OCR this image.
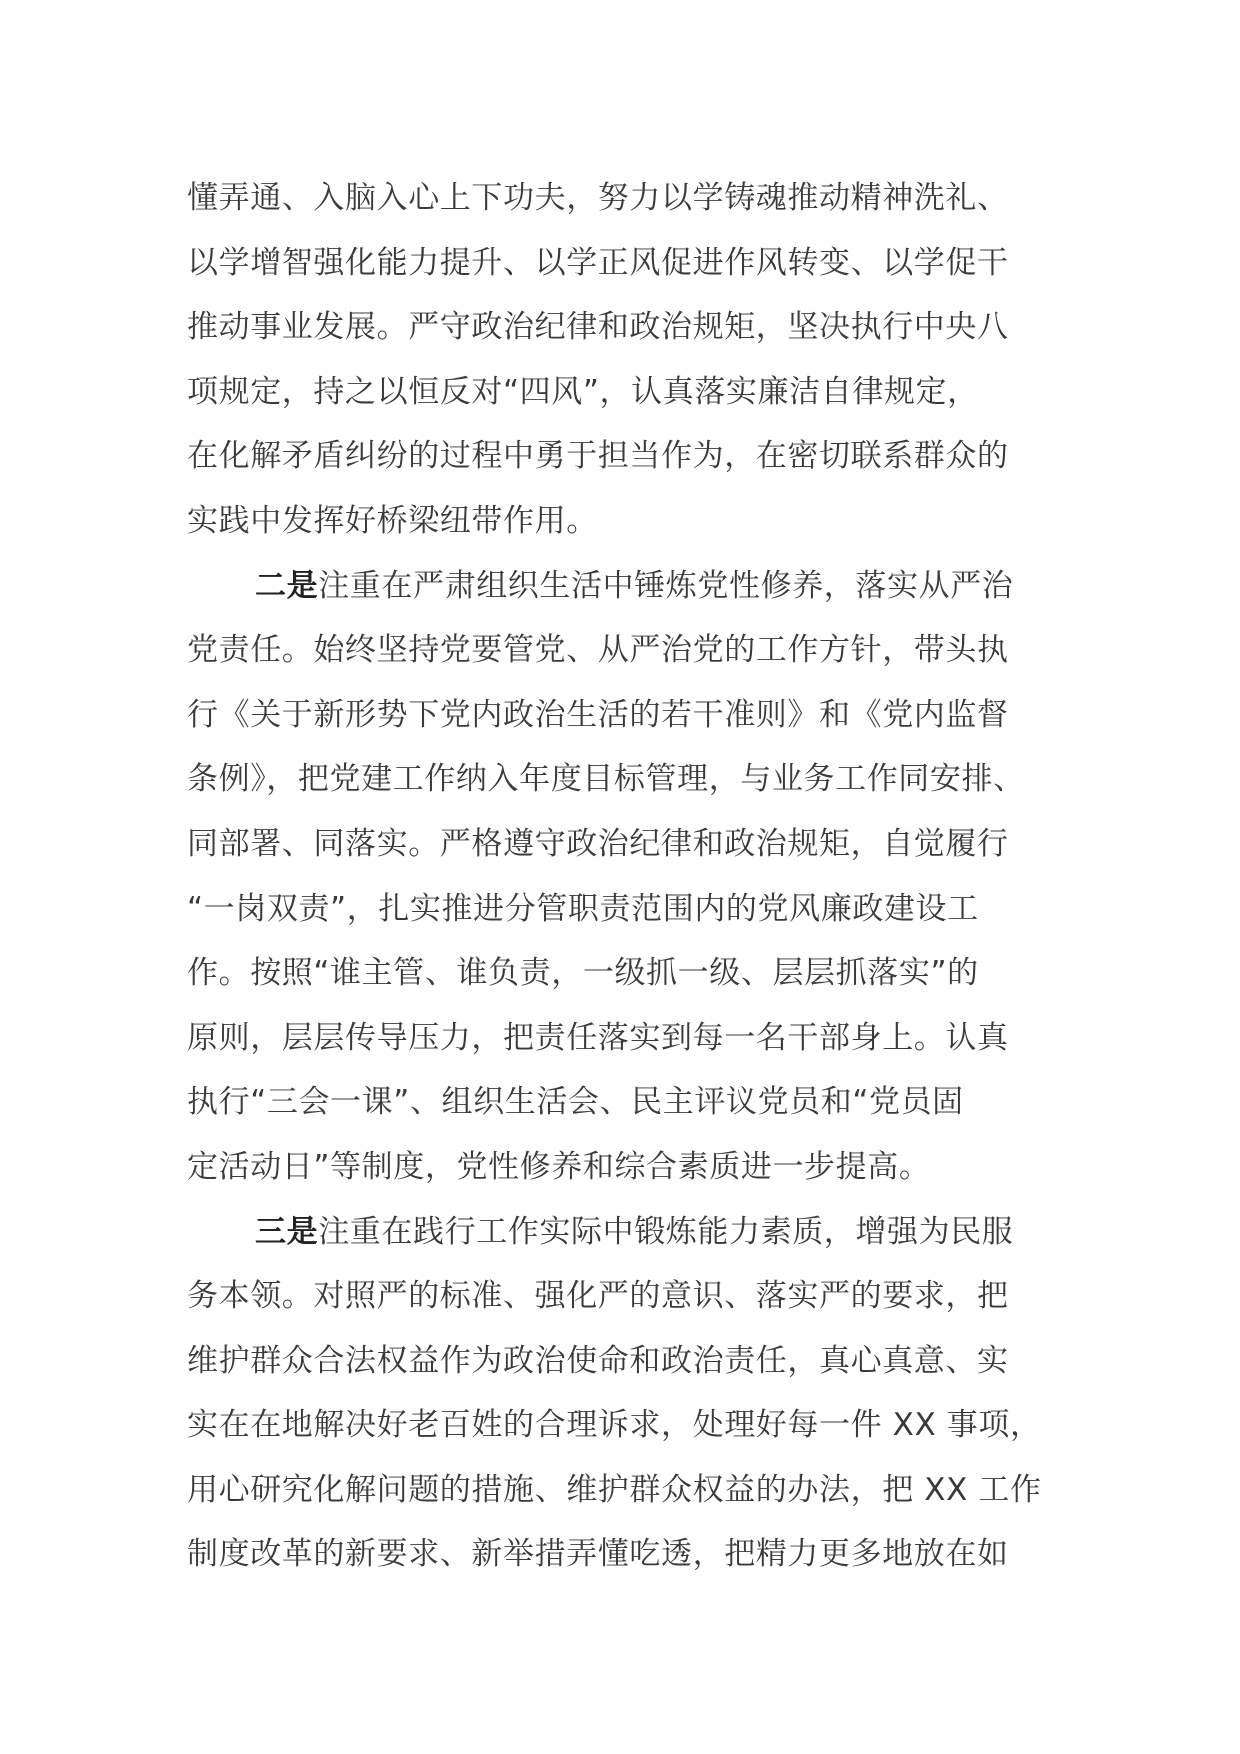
懂弄通、入脑入心上下功夫，努力以学铸魂推动精神洗礼、
以学增智强化能力提升、以学正风促进作风转变、以学促干
推动事业发展。严守政治纪律和政治规矩，坚决执行中央八
项规定，持之以恒反对“四风”，认真落实廉洁自律规定，
在化解矛盾纠纷的过程中勇于担当作为，在密切联系群众的
实践中发挥好桥梁纽带作用。
二是注重在严肃组织生活中锤炼党性修养，落实从严治
党责任。始终坚持党要管党、从严治党的工作方针，带头执
行《关于新形势下党内政治生活的若干准则》和《党内监督
条例》，把党建工作纳入年度目标管理，与业务工作同安排、
同部署、同落实。严格遵守政治纪律和政治规矩，自觉履行
“一岗双责”，扎实推进分管职责范围内的党风廉政建设工
作。按照“谁主管、谁负责，一级抓一级、层层抓落实”的
原则，层层传导压力，把责任落实到每一名干部身上。认真
执行“三会一课”、组织生活会、民主评议党员和“党员固
定活动日”等制度，党性修养和综合素质进一步提高。
三是注重在践行工作实际中锻炼能力素质，增强为民服
务本领。对照严的标准、强化严的意识、落实严的要求，把
维护群众合法权益作为政治使命和政治责任，真心真意、实
实在在地解决好老百姓的合理诉求，处理好每一件 XX 事项，
用心研究化解问题的措施、维护群众权益的办法，把 XX 工作
制度改革的新要求、新举措弄懂吃透，把精力更多地放在如
